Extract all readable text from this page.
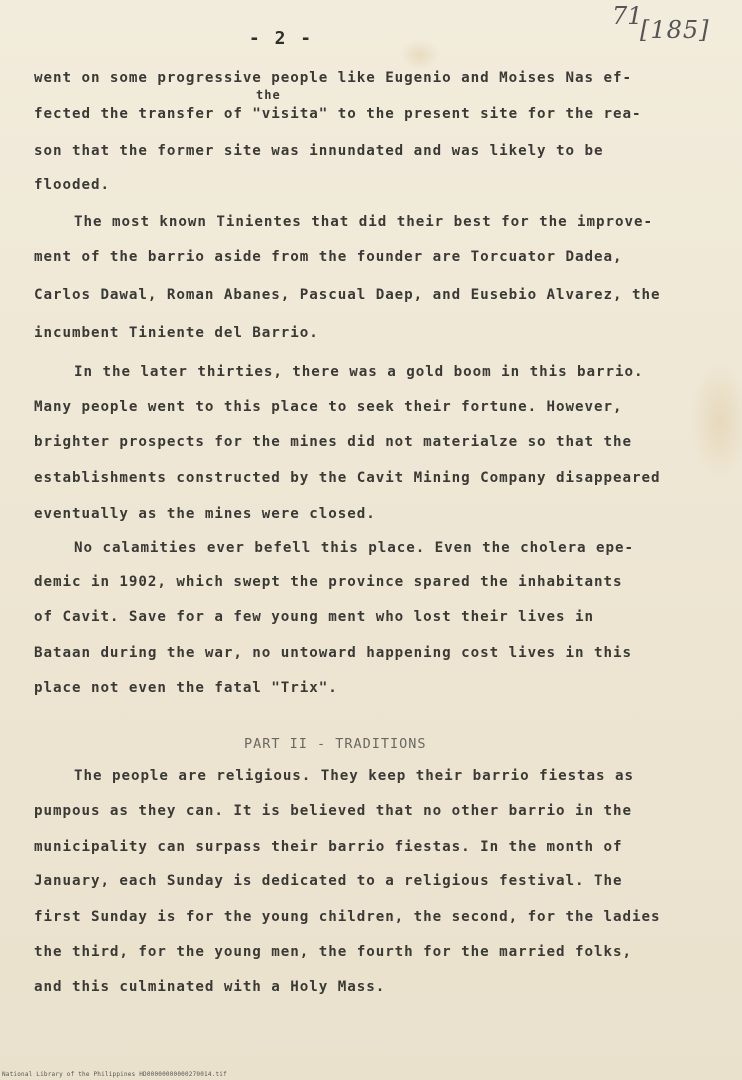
- 2 -
71
[185]
went on some progressive people like Eugenio and Moises Nas ef-
the
fected the transfer of "visita" to the present site for the rea-
son that the former site was innundated and was likely to be
flooded.
The most known Tinientes that did their best for the improve-
ment of the barrio aside from the founder are Torcuator Dadea,
Carlos Dawal, Roman Abanes, Pascual Daep, and Eusebio Alvarez, the
incumbent Tiniente del Barrio.
In the later thirties, there was a gold boom in this barrio.
Many people went to this place to seek their fortune. However,
brighter prospects for the mines did not materialze so that the
establishments constructed by the Cavit Mining Company disappeared
eventually as the mines were closed.
No calamities ever befell this place. Even the cholera epe-
demic in 1902, which swept the province spared the inhabitants
of Cavit. Save for a few young ment who lost their lives in
Bataan during the war, no untoward happening cost lives in this
place not even the fatal "Trix".
PART II - TRADITIONS
The people are religious. They keep their barrio fiestas as
pumpous as they can. It is believed that no other barrio in the
municipality can surpass their barrio fiestas. In the month of
January, each Sunday is dedicated to a religious festival. The
first Sunday is for the young children, the second, for the ladies
the third, for the young men, the fourth for the married folks,
and this culminated with a Holy Mass.
National Library of the Philippines HD00000000000270014.tif
